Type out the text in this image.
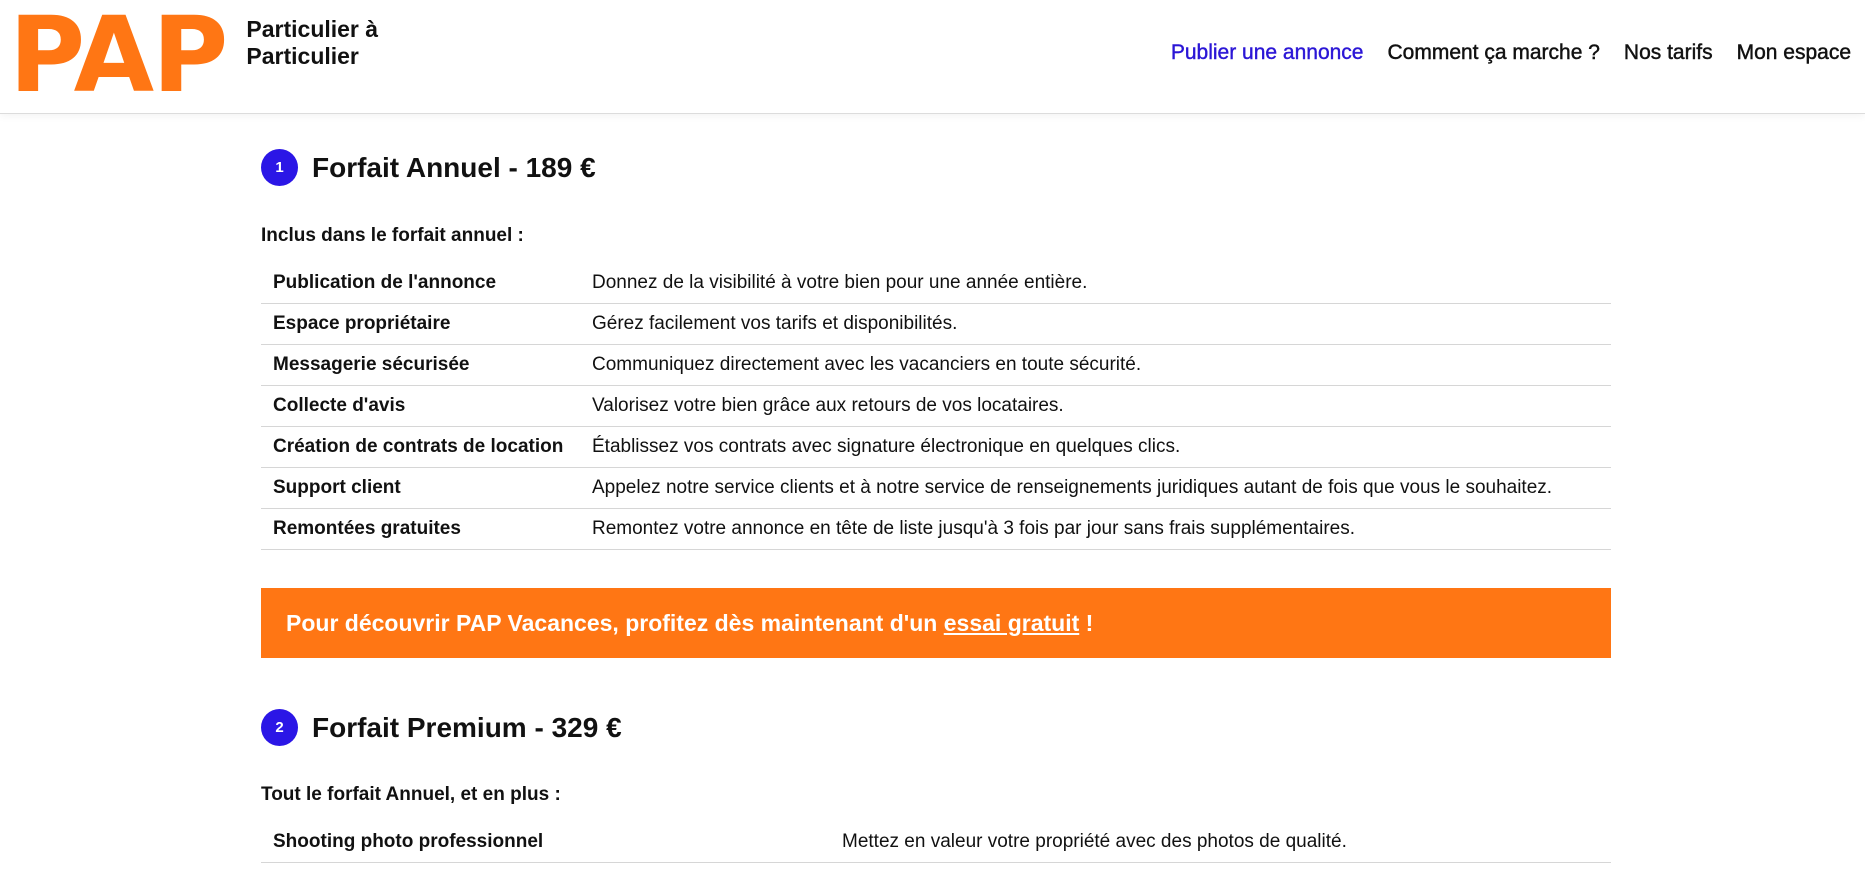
PAP Particulier à
Particulier	Publier une annonce Comment ça marche ? Nos tarifs Mon espace
1	Forfait Annuel - 189 €
Inclus dans le forfait annuel :
Publication de l'annonce	Donnez de la visibilité à votre bien pour une année entière.
Espace propriétaire	Gérez facilement vos tarifs et disponibilités.
Messagerie sécurisée	Communiquez directement avec les vacanciers en toute sécurité.
Collecte d'avis	Valorisez votre bien grâce aux retours de vos locataires.
Création de contrats de location	Établissez vos contrats avec signature électronique en quelques clics.
Support client	Appelez notre service clients et à notre service de renseignements juridiques autant de fois que vous le souhaitez.
Remontées gratuites	Remontez votre annonce en tête de liste jusqu'à 3 fois par jour sans frais supplémentaires.
Pour découvrir PAP Vacances, profitez dès maintenant d'un essai gratuit !
2	Forfait Premium - 329 €
Tout le forfait Annuel, et en plus :
Shooting photo professionnel	Mettez en valeur votre propriété avec des photos de qualité.
